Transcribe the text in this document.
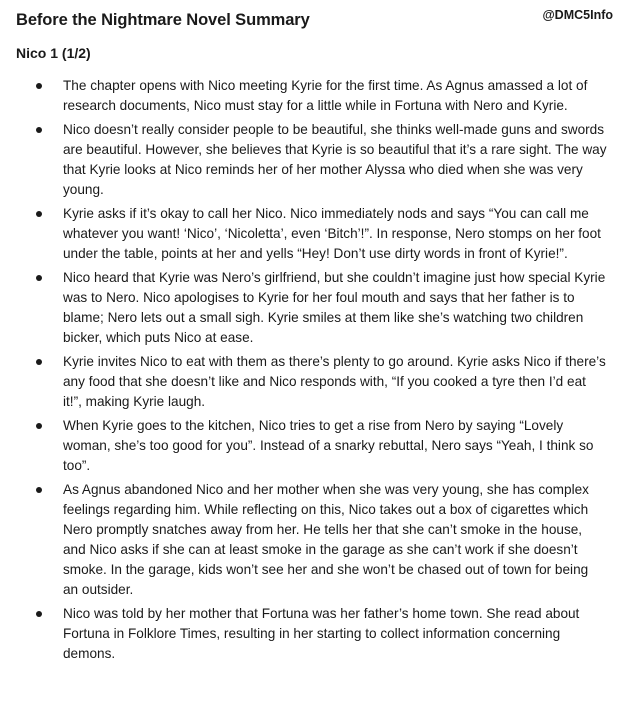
Before the Nightmare Novel Summary	@DMC5Info
Nico 1 (1/2)
The chapter opens with Nico meeting Kyrie for the first time. As Agnus amassed a lot of research documents, Nico must stay for a little while in Fortuna with Nero and Kyrie.
Nico doesn’t really consider people to be beautiful, she thinks well-made guns and swords are beautiful. However, she believes that Kyrie is so beautiful that it’s a rare sight. The way that Kyrie looks at Nico reminds her of her mother Alyssa who died when she was very young.
Kyrie asks if it’s okay to call her Nico. Nico immediately nods and says “You can call me whatever you want! ‘Nico’, ‘Nicoletta’, even ‘Bitch’!”. In response, Nero stomps on her foot under the table, points at her and yells “Hey! Don’t use dirty words in front of Kyrie!”.
Nico heard that Kyrie was Nero’s girlfriend, but she couldn’t imagine just how special Kyrie was to Nero. Nico apologises to Kyrie for her foul mouth and says that her father is to blame; Nero lets out a small sigh. Kyrie smiles at them like she’s watching two children bicker, which puts Nico at ease.
Kyrie invites Nico to eat with them as there’s plenty to go around. Kyrie asks Nico if there’s any food that she doesn’t like and Nico responds with, “If you cooked a tyre then I’d eat it!”, making Kyrie laugh.
When Kyrie goes to the kitchen, Nico tries to get a rise from Nero by saying “Lovely woman, she’s too good for you”. Instead of a snarky rebuttal, Nero says “Yeah, I think so too”.
As Agnus abandoned Nico and her mother when she was very young, she has complex feelings regarding him. While reflecting on this, Nico takes out a box of cigarettes which Nero promptly snatches away from her. He tells her that she can’t smoke in the house, and Nico asks if she can at least smoke in the garage as she can’t work if she doesn’t smoke. In the garage, kids won’t see her and she won’t be chased out of town for being an outsider.
Nico was told by her mother that Fortuna was her father’s home town. She read about Fortuna in Folklore Times, resulting in her starting to collect information concerning demons.
